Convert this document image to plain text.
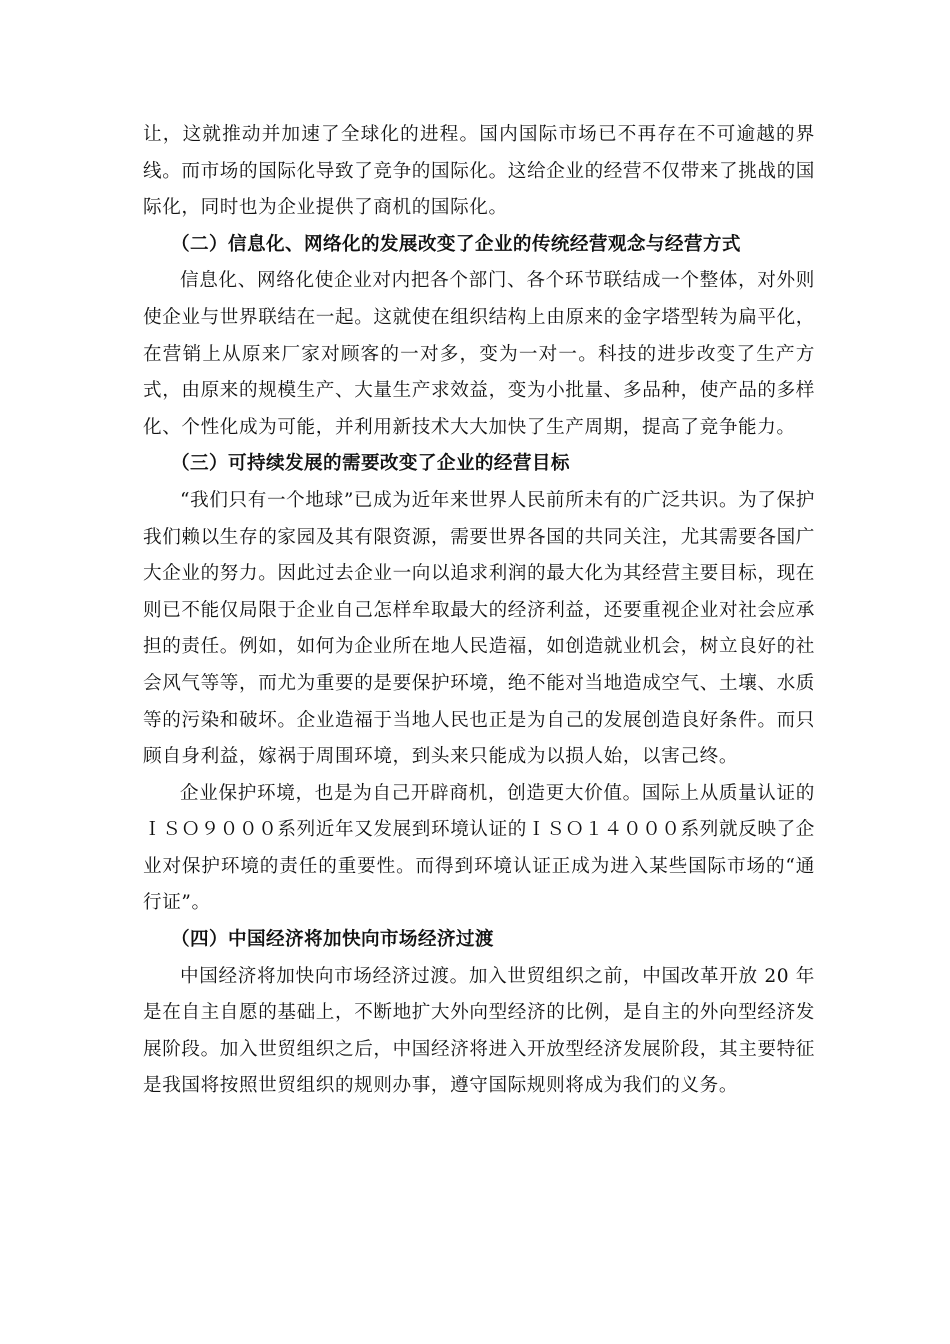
让，这就推动并加速了全球化的进程。国内国际市场已不再存在不可逾越的界线。而市场的国际化导致了竞争的国际化。这给企业的经营不仅带来了挑战的国际化，同时也为企业提供了商机的国际化。

（二）信息化、网络化的发展改变了企业的传统经营观念与经营方式

信息化、网络化使企业对内把各个部门、各个环节联结成一个整体，对外则使企业与世界联结在一起。这就使在组织结构上由原来的金字塔型转为扁平化，在营销上从原来厂家对顾客的一对多，变为一对一。科技的进步改变了生产方式，由原来的规模生产、大量生产求效益，变为小批量、多品种，使产品的多样化、个性化成为可能，并利用新技术大大加快了生产周期，提高了竞争能力。

（三）可持续发展的需要改变了企业的经营目标

“我们只有一个地球”已成为近年来世界人民前所未有的广泛共识。为了保护我们赖以生存的家园及其有限资源，需要世界各国的共同关注，尤其需要各国广大企业的努力。因此过去企业一向以追求利润的最大化为其经营主要目标，现在则已不能仅局限于企业自己怎样牟取最大的经济利益，还要重视企业对社会应承担的责任。例如，如何为企业所在地人民造福，如创造就业机会，树立良好的社会风气等等，而尤为重要的是要保护环境，绝不能对当地造成空气、土壤、水质等的污染和破坏。企业造福于当地人民也正是为自己的发展创造良好条件。而只顾自身利益，嫁祸于周围环境，到头来只能成为以损人始，以害己终。

企业保护环境，也是为自己开辟商机，创造更大价值。国际上从质量认证的ＩＳＯ９０００系列近年又发展到环境认证的ＩＳＯ１４０００系列就反映了企业对保护环境的责任的重要性。而得到环境认证正成为进入某些国际市场的“通行证”。

（四）中国经济将加快向市场经济过渡

中国经济将加快向市场经济过渡。加入世贸组织之前，中国改革开放 20 年是在自主自愿的基础上，不断地扩大外向型经济的比例，是自主的外向型经济发展阶段。加入世贸组织之后，中国经济将进入开放型经济发展阶段，其主要特征是我国将按照世贸组织的规则办事，遵守国际规则将成为我们的义务。
